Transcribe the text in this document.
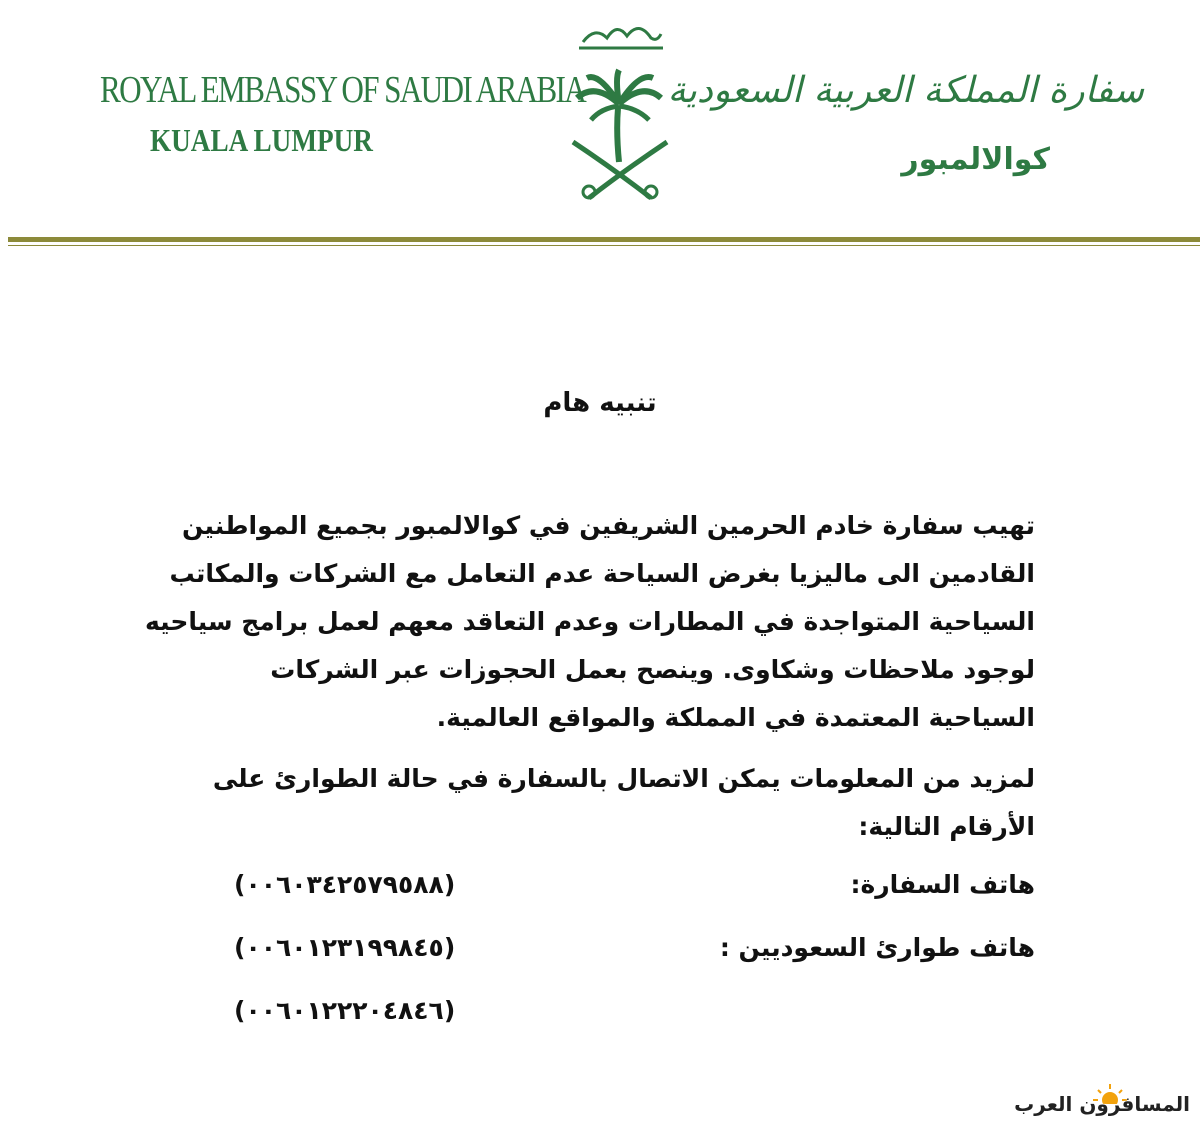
ROYAL EMBASSY OF SAUDI ARABIA
KUALA LUMPUR
سفارة المملكة العربية السعودية
كوالالمبور
تنبيه هام
تهيب سفارة خادم الحرمين الشريفين في كوالالمبور بجميع المواطنين
القادمين الى ماليزيا بغرض السياحة عدم التعامل مع الشركات والمكاتب
السياحية المتواجدة في المطارات وعدم التعاقد معهم لعمل برامج سياحيه
لوجود ملاحظات وشكاوى. وينصح بعمل الحجوزات عبر الشركات
السياحية المعتمدة في المملكة والمواقع العالمية.
لمزيد من المعلومات يمكن الاتصال بالسفارة في حالة الطوارئ على
الأرقام التالية:
هاتف السفارة:
(٠٠٦٠٣٤٢٥٧٩٥٨٨)
هاتف طوارئ السعوديين :
(٠٠٦٠١٢٣١٩٩٨٤٥)
(٠٠٦٠١٢٢٢٠٤٨٤٦)
المسافرون العرب
